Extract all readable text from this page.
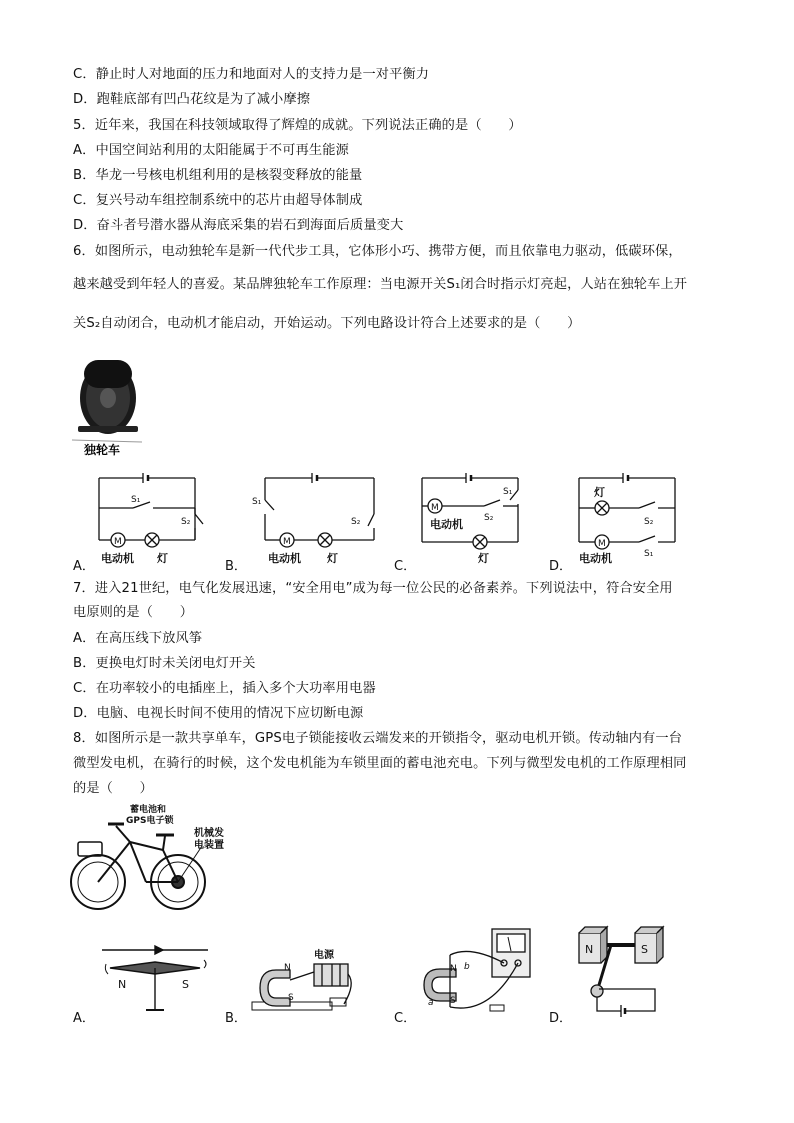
C．静止时人对地面的压力和地面对人的支持力是一对平衡力
D．跑鞋底部有凹凸花纹是为了减小摩擦
5．近年来，我国在科技领域取得了辉煌的成就。下列说法正确的是（　　）
A．中国空间站利用的太阳能属于不可再生能源
B．华龙一号核电机组利用的是核裂变释放的能量
C．复兴号动车组控制系统中的芯片由超导体制成
D．奋斗者号潜水器从海底采集的岩石到海面后质量变大
6．如图所示，电动独轮车是新一代代步工具，它体形小巧、携带方便，而且依靠电力驱动，低碳环保，
越来越受到年轻人的喜爱。某品牌独轮车工作原理：当电源开关S₁闭合时指示灯亮起，人站在独轮车上开
关S₂自动闭合，电动机才能启动，开始运动。下列电路设计符合上述要求的是（　　）
独轮车
M
S₁
S₂
电动机 灯
A．
M
S₁
S₂
电动机 灯
B．
M
S₁
S₂
电动机
灯
C．
M
S₂
S₁
灯
电动机
D．
7．进入21世纪，电气化发展迅速，“安全用电”成为每一位公民的必备素养。下列说法中，符合安全用
电原则的是（　　）
A．在高压线下放风筝
B．更换电灯时未关闭电灯开关
C．在功率较小的电插座上，插入多个大功率用电器
D．电脑、电视长时间不使用的情况下应切断电源
8．如图所示是一款共享单车，GPS电子锁能接收云端发来的开锁指令，驱动电机开锁。传动轴内有一台
微型发电机，在骑行的时候，这个发电机能为车锁里面的蓄电池充电。下列与微型发电机的工作原理相同
的是（　　）
蓄电池和
GPS电子锁
机械发
电装置
N	S
A．
电源
N
S
B．
N
S
a
b
C．
N	S
D．
